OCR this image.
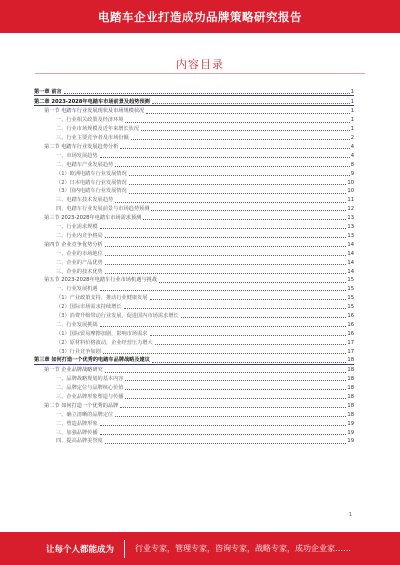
电踏车企业打造成功品牌策略研究报告
内容目录
第一章 前言	1
第二章 2023-2028年电踏车市场前景及趋势预测	1
第一节 电踏车行业发展现状及市场规模状况	1
一、行业相关政策及经济环境	1
二、行业市场规模及近年来增长状况	1
三、行业主要竞争者及市场份额	2
第二节 电踏车行业发展趋势分析	4
一、市场发展趋势	4
二、电踏车产业发展趋势	8
（1）欧洲电踏车行业发展情况	9
（2）日本电踏车行业发展情况	10
（3）国内电踏车行业发展情况	10
三、电踏车技术发展趋势	11
四、电踏车行业发展前景与市场趋势预测	12
第三节 2023-2028年电踏车市场需求预测	13
一、行业需求规模	13
二、行业内竞争格局	13
第四节 企业竞争优势分析	14
一、企业的市场地位	14
二、企业的产品优势	14
三、企业的技术优势	14
第五节 2023-2028年电踏车行业市场机遇与挑战	15
一、行业发展机遇	15
（1）产业政策支持，推动行业健康发展	15
（2）国际市场需求持续增长	15
（3）消费升级带动行业发展，促进国内市场需求增长	16
二、行业发展挑战	16
（1）国际贸易摩擦加剧，影响市场需求	16
（2）原材料价格波动，企业经营压力增大	17
（3）行业竞争加剧	17
第三章 如何打造一个优秀的电踏车品牌战略及建议	18
第一节 企业品牌战略研究	18
一、品牌战略规划的基本内容	18
二、品牌定位与品牌核心价值	18
三、企业品牌形象塑造与传播	18
第二节 如何打造一个优秀的品牌	18
一、确立清晰的品牌定位	18
二、塑造品牌形象	19
三、加强品牌传播	19
四、提高品牌美誉度	19
1
让每个人都能成为	行业专家，管理专家，咨询专家，战略专家，成功企业家……
